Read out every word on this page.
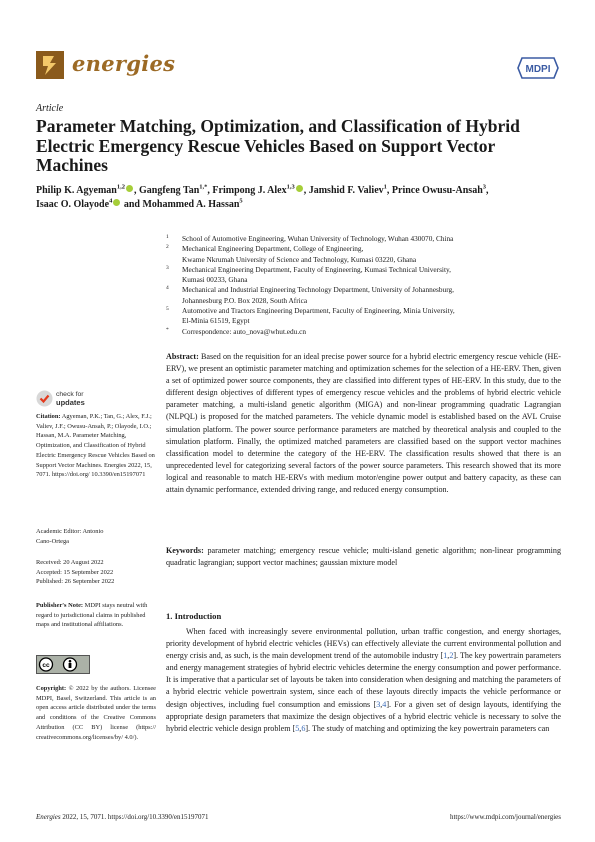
energies	MDPI
Article
Parameter Matching, Optimization, and Classification of Hybrid Electric Emergency Rescue Vehicles Based on Support Vector Machines
Philip K. Agyeman$^{1,2}$ , Gangfeng Tan$^{1,*}$, Frimpong J. Alex$^{1,3}$ , Jamshid F. Valiev$^1$, Prince Owusu-Ansah$^3$,
Isaac O. Olayode$^4$ and Mohammed A. Hassan$^5$
1 School of Automotive Engineering, Wuhan University of Technology, Wuhan 430070, China
2 Mechanical Engineering Department, College of Engineering,
Kwame Nkrumah University of Science and Technology, Kumasi 03220, Ghana
3 Mechanical Engineering Department, Faculty of Engineering, Kumasi Technical University,
Kumasi 00233, Ghana
4 Mechanical and Industrial Engineering Technology Department, University of Johannesburg,
Johannesburg P.O. Box 2028, South Africa
5 Automotive and Tractors Engineering Department, Faculty of Engineering, Minia University,
El-Minia 61519, Egypt
* Correspondence: auto_nova@whut.edu.cn
check for
updates
Citation: Agyeman, P.K.; Tan, G.; Alex, F.J.; Valiev, J.F.; Owusu-Ansah, P.; Olayode, I.O.; Hassan, M.A. Parameter Matching, Optimization, and Classification of Hybrid Electric Emergency Rescue Vehicles Based on Support Vector Machines. Energies 2022, 15, 7071. https://doi.org/ 10.3390/en15197071
Academic Editor: Antonio
Cano-Ortega
Received: 20 August 2022
Accepted: 15 September 2022
Published: 26 September 2022
Publisher's Note: MDPI stays neutral with regard to jurisdictional claims in published maps and institutional affiliations.
cc
Copyright: © 2022 by the authors. Licensee MDPI, Basel, Switzerland. This article is an open access article distributed under the terms and conditions of the Creative Commons Attribution (CC BY) license (https:// creativecommons.org/licenses/by/ 4.0/).
Abstract: Based on the requisition for an ideal precise power source for a hybrid electric emergency rescue vehicle (HE-ERV), we present an optimistic parameter matching and optimization schemes for the selection of a HE-ERV. Then, given a set of optimized power source components, they are classified into different types of HE-ERV. In this study, due to the different design objectives of different types of emergency rescue vehicles and the problems of hybrid electric vehicle parameter matching, a multi-island genetic algorithm (MIGA) and non-linear programming quadratic Lagrangian (NLPQL) is proposed for the matched parameters. The vehicle dynamic model is established based on the AVL Cruise simulation platform. The power source performance parameters are matched by theoretical analysis and coupled to the simulation platform. Finally, the optimized matched parameters are classified based on the support vector machines classification model to determine the category of the HE-ERV. The classification results showed that there is an unprecedented level for categorizing several factors of the power source parameters. This research showed that its more logical and reasonable to match HE-ERVs with medium motor/engine power output and battery capacity, as these can attain dynamic performance, extended driving range, and reduced energy consumption.
Keywords: parameter matching; emergency rescue vehicle; multi-island genetic algorithm; non-linear programming quadratic lagrangian; support vector machines; gaussian mixture model
1. Introduction
When faced with increasingly severe environmental pollution, urban traffic congestion, and energy shortages, priority development of hybrid electric vehicles (HEVs) can effectively alleviate the current environmental pollution and energy crisis and, as such, is the main development trend of the automobile industry [1,2]. The key powertrain parameters and energy management strategies of hybrid electric vehicles determine the energy consumption and power performance. It is imperative that a particular set of layouts be taken into consideration when designing and matching the parameters of a hybrid electric vehicle powertrain system, since each of these layouts directly impacts the vehicle performance or design objectives, including fuel consumption and emissions [3,4]. For a given set of design layouts, identifying the appropriate design parameters that maximize the design objectives of a hybrid electric vehicle is necessary to solve the hybrid electric vehicle design problem [5,6]. The study of matching and optimizing the key powertrain parameters can
Energies 2022, 15, 7071. https://doi.org/10.3390/en15197071	https://www.mdpi.com/journal/energies
